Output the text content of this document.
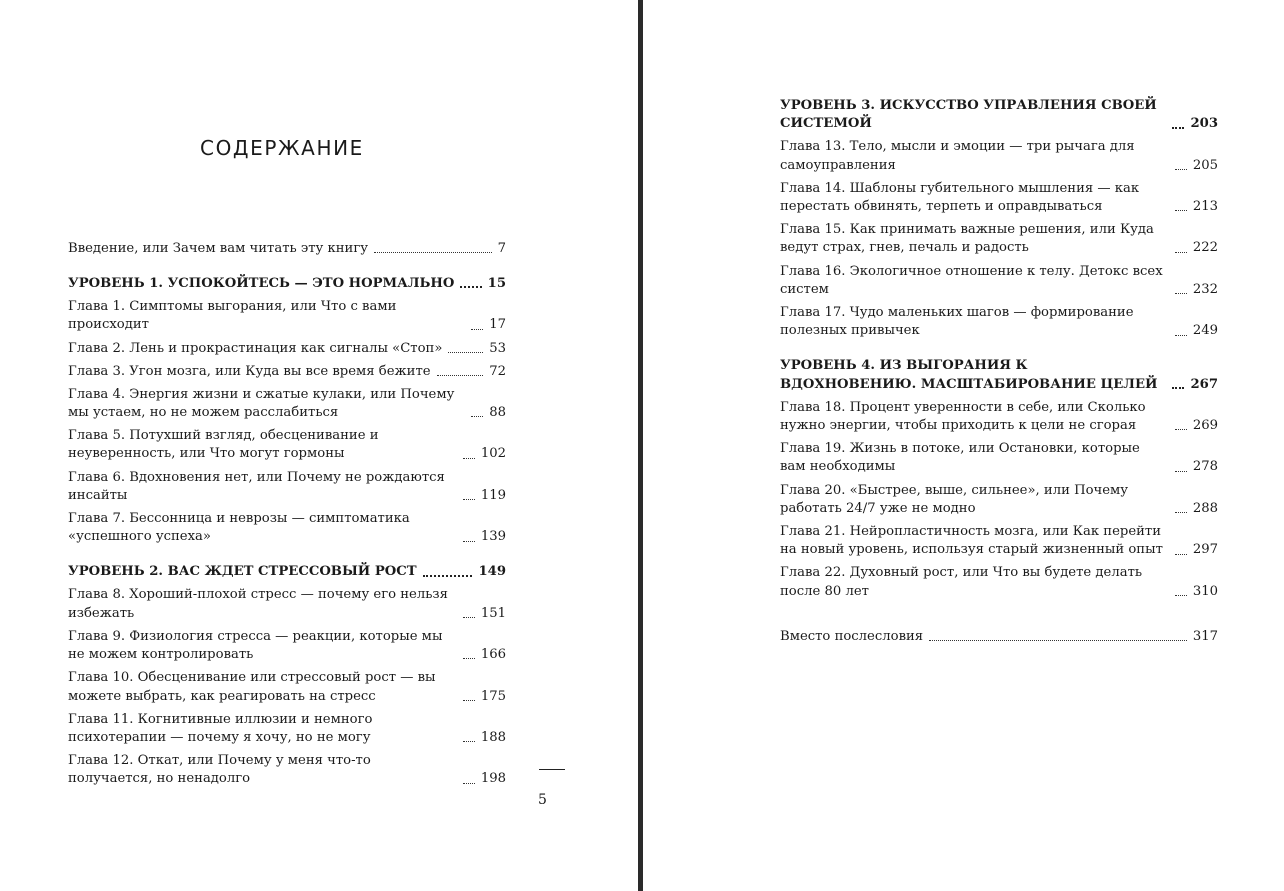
СОДЕРЖАНИЕ
Введение, или Зачем вам читать эту книгу	7
УРОВЕНЬ 1. УСПОКОЙТЕСЬ — ЭТО НОРМАЛЬНО	15
Глава 1. Симптомы выгорания, или Что с вами происходит	17
Глава 2. Лень и прокрастинация как сигналы «Стоп»	53
Глава 3. Угон мозга, или Куда вы все время бежите	72
Глава 4. Энергия жизни и сжатые кулаки, или Почему мы устаем, но не можем расслабиться	88
Глава 5. Потухший взгляд, обесценивание и неуверенность, или Что могут гормоны	102
Глава 6. Вдохновения нет, или Почему не рождаются инсайты	119
Глава 7. Бессонница и неврозы — симптоматика «успешного успеха»	139
УРОВЕНЬ 2. ВАС ЖДЕТ СТРЕССОВЫЙ РОСТ	149
Глава 8. Хороший-плохой стресс — почему его нельзя избежать	151
Глава 9. Физиология стресса — реакции, которые мы не можем контролировать	166
Глава 10. Обесценивание или стрессовый рост — вы можете выбрать, как реагировать на стресс	175
Глава 11. Когнитивные иллюзии и немного психотерапии — почему я хочу, но не могу	188
Глава 12. Откат, или Почему у меня что-то получается, но ненадолго	198
5
УРОВЕНЬ 3. ИСКУССТВО УПРАВЛЕНИЯ СВОЕЙ СИСТЕМОЙ	203
Глава 13. Тело, мысли и эмоции — три рычага для самоуправления	205
Глава 14. Шаблоны губительного мышления — как перестать обвинять, терпеть и оправдываться	213
Глава 15. Как принимать важные решения, или Куда ведут страх, гнев, печаль и радость	222
Глава 16. Экологичное отношение к телу. Детокс всех систем	232
Глава 17. Чудо маленьких шагов — формирование полезных привычек	249
УРОВЕНЬ 4. ИЗ ВЫГОРАНИЯ К ВДОХНОВЕНИЮ. МАСШТАБИРОВАНИЕ ЦЕЛЕЙ	267
Глава 18. Процент уверенности в себе, или Сколько нужно энергии, чтобы приходить к цели не сгорая	269
Глава 19. Жизнь в потоке, или Остановки, которые вам необходимы	278
Глава 20. «Быстрее, выше, сильнее», или Почему работать 24/7 уже не модно	288
Глава 21. Нейропластичность мозга, или Как перейти на новый уровень, используя старый жизненный опыт	297
Глава 22. Духовный рост, или Что вы будете делать после 80 лет	310
Вместо послесловия	317
